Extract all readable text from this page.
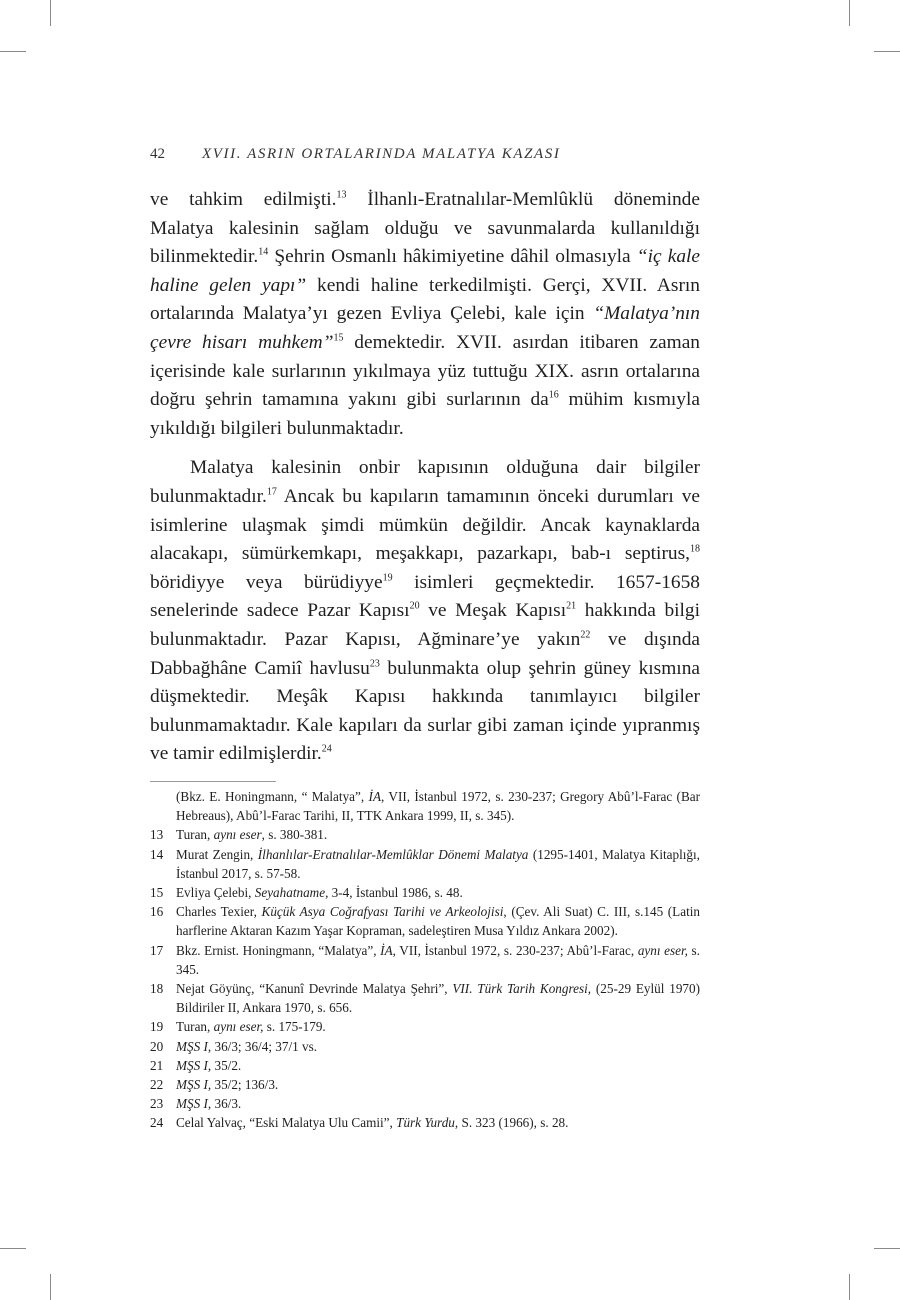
42	XVII. ASRIN ORTALARINDA MALATYA KAZASI

ve tahkim edilmişti.$^{13}$ İlhanlı-Eratnalılar-Memlûklü döneminde Malatya kalesinin sağlam olduğu ve savunmalarda kullanıldığı bilinmektedir.$^{14}$ Şehrin Osmanlı hâkimiyetine dâhil olmasıyla “iç kale haline gelen yapı” kendi haline terkedilmişti. Gerçi, XVII. Asrın ortalarında Malatya’yı gezen Evliya Çelebi, kale için “Malatya’nın çevre hisarı muhkem”$^{15}$ demektedir. XVII. asırdan itibaren zaman içerisinde kale surlarının yıkılmaya yüz tuttuğu XIX. asrın ortalarına doğru şehrin tamamına yakını gibi surlarının $da^{16}$ mühim kısmıyla yıkıldığı bilgileri bulunmaktadır.

Malatya kalesinin onbir kapısının olduğuna dair bilgiler bulunmaktadır.$^{17}$ Ancak bu kapıların tamamının önceki durumları ve isimlerine ulaşmak şimdi mümkün değildir. Ancak kaynaklarda alacakapı, sümürkemkapı, meşakkapı, pazarkapı, bab-ı septirus,$^{18}$ böridiyye veya bürüdiyye$^{19}$ isimleri geçmektedir. 1657-1658 senelerinde sadece Pazar Kapısı$^{20}$ ve Meşak Kapısı$^{21}$ hakkında bilgi bulunmaktadır. Pazar Kapısı, Ağminare’ye yakın$^{22}$ ve dışında Dabbağhâne Camiî havlusu$^{23}$ bulunmakta olup şehrin güney kısmına düşmektedir. Meşâk Kapısı hakkında tanımlayıcı bilgiler bulunmamaktadır. Kale kapıları da surlar gibi zaman içinde yıpranmış ve tamir edilmişlerdir.$^{24}$

(Bkz. E. Honingmann, “ Malatya”, İA, VII, İstanbul 1972, s. 230-237; Gregory Abû’l-Farac (Bar Hebreaus), Abû’l-Farac Tarihi, II, TTK Ankara 1999, II, s. 345).
13 Turan, aynı eser, s. 380-381.
14 Murat Zengin, İlhanlılar-Eratnalılar-Memlûklar Dönemi Malatya (1295-1401, Malatya Kitaplığı, İstanbul 2017, s. 57-58.
15 Evliya Çelebi, Seyahatname, 3-4, İstanbul 1986, s. 48.
16 Charles Texier, Küçük Asya Coğrafyası Tarihi ve Arkeolojisi, (Çev. Ali Suat) C. III, s.145 (Latin harflerine Aktaran Kazım Yaşar Kopraman, sadeleştiren Musa Yıldız Ankara 2002).
17 Bkz. Ernist. Honingmann, “Malatya”, İA, VII, İstanbul 1972, s. 230-237; Abû’l-Farac, aynı eser, s. 345.
18 Nejat Göyünç, “Kanunî Devrinde Malatya Şehri”, VII. Türk Tarih Kongresi, (25-29 Eylül 1970) Bildiriler II, Ankara 1970, s. 656.
19 Turan, aynı eser, s. 175-179.
20 MŞS I, 36/3; 36/4; 37/1 vs.
21 MŞS I, 35/2.
22 MŞS I, 35/2; 136/3.
23 MŞS I, 36/3.
24 Celal Yalvaç, “Eski Malatya Ulu Camii”, Türk Yurdu, S. 323 (1966), s. 28.
